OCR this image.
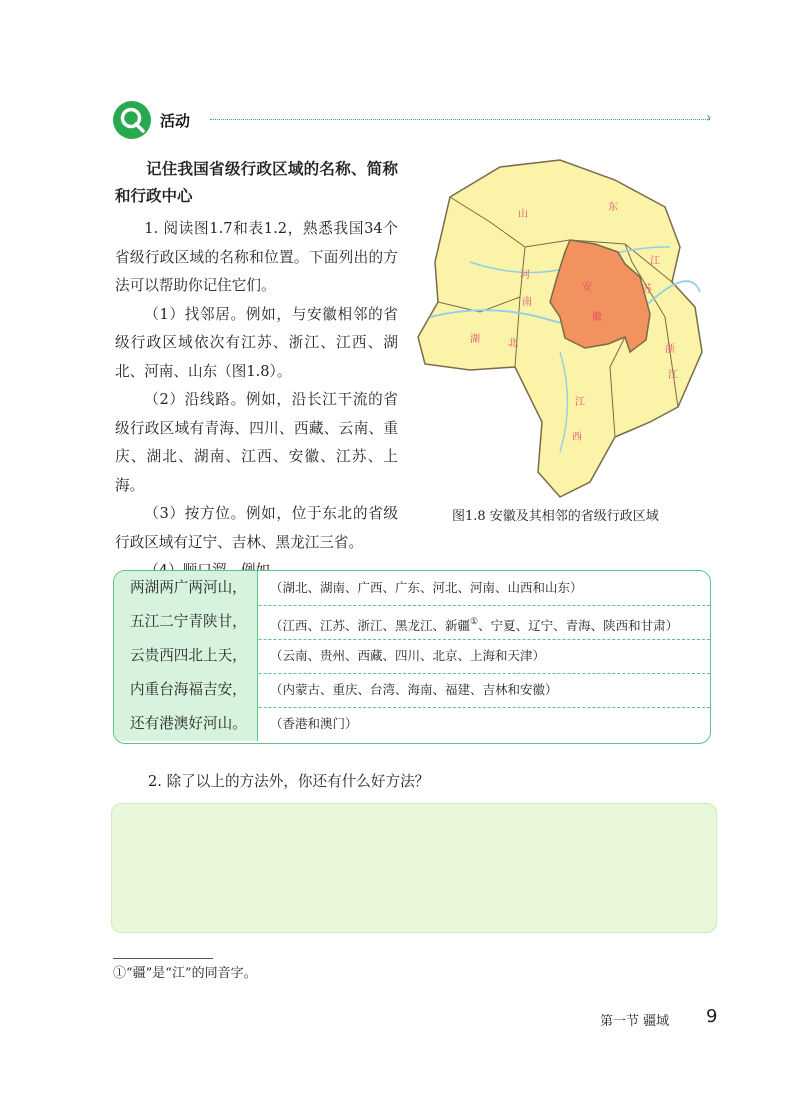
活动	›

记住我国省级行政区域的名称、简称和行政中心

1. 阅读图1.7和表1.2，熟悉我国34个省级行政区域的名称和位置。下面列出的方法可以帮助你记住它们。

（1）找邻居。例如，与安徽相邻的省级行政区域依次有江苏、浙江、江西、湖北、河南、山东（图1.8）。

（2）沿线路。例如，沿长江干流的省级行政区域有青海、四川、西藏、云南、重庆、湖北、湖南、江西、安徽、江苏、上海。

（3）按方位。例如，位于东北的省级行政区域有辽宁、吉林、黑龙江三省。

山
东
江
苏
河
南
安
徽
湖	北
浙
江
江
西
图1.8 安徽及其相邻的省级行政区域
两湖两广两河山，	（湖北、湖南、广西、广东、河北、河南、山西和山东）
五江二宁青陕甘，	（江西、江苏、浙江、黑龙江、新疆①、宁夏、辽宁、青海、陕西和甘肃）
云贵西四北上天，	（云南、贵州、西藏、四川、北京、上海和天津）
内重台海福吉安，	（内蒙古、重庆、台湾、海南、福建、吉林和安徽）
还有港澳好河山。	（香港和澳门）
2. 除了以上的方法外，你还有什么好方法？
①“疆”是“江”的同音字。
第一节 疆域 9
